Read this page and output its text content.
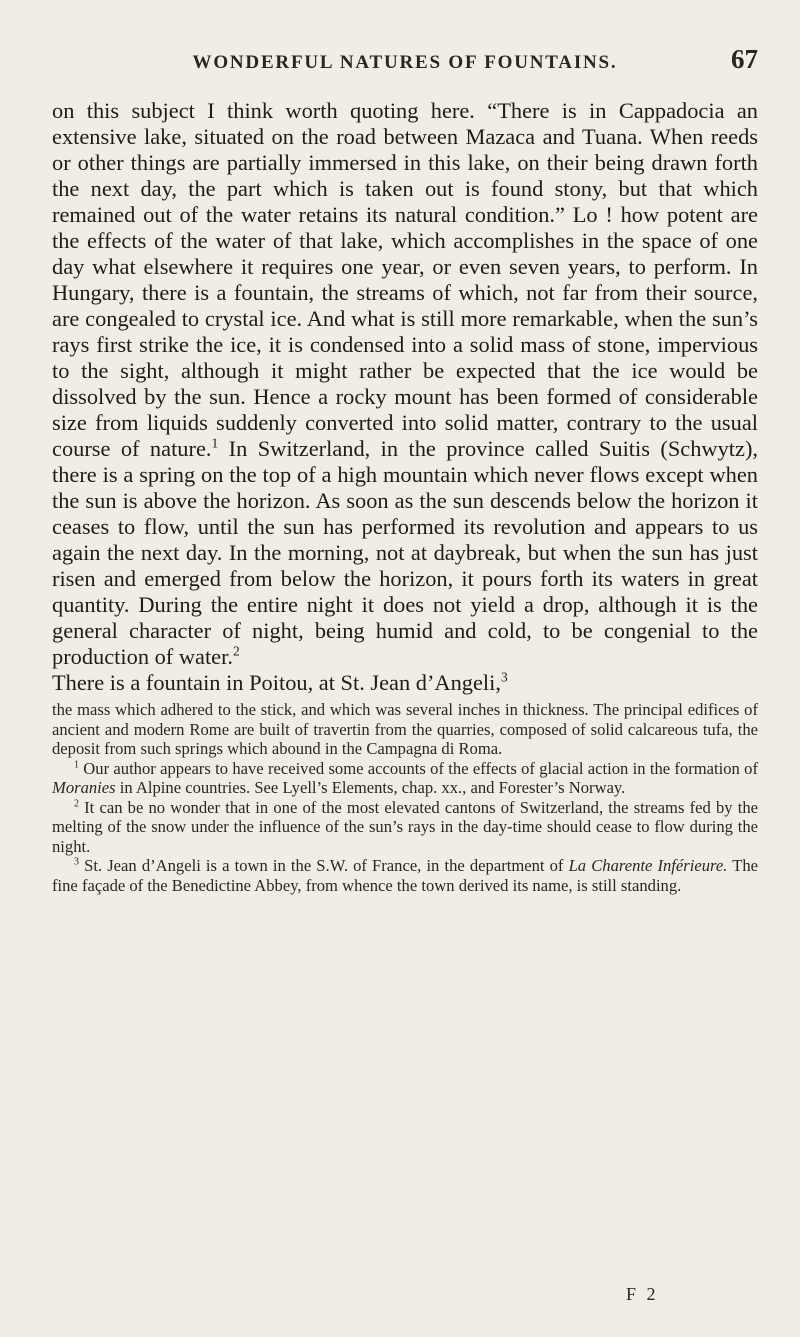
WONDERFUL NATURES OF FOUNTAINS.	67

on this subject I think worth quoting here. “There is in Cappadocia an extensive lake, situated on the road between Mazaca and Tuana. When reeds or other things are partially immersed in this lake, on their being drawn forth the next day, the part which is taken out is found stony, but that which remained out of the water retains its natural condition.” Lo ! how potent are the effects of the water of that lake, which accomplishes in the space of one day what elsewhere it requires one year, or even seven years, to perform. In Hungary, there is a fountain, the streams of which, not far from their source, are congealed to crystal ice. And what is still more remarkable, when the sun’s rays first strike the ice, it is condensed into a solid mass of stone, impervious to the sight, although it might rather be expected that the ice would be dissolved by the sun. Hence a rocky mount has been formed of considerable size from liquids suddenly converted into solid matter, contrary to the usual course of nature.$^1$ In Switzerland, in the province called Suitis (Schwytz), there is a spring on the top of a high mountain which never flows except when the sun is above the horizon. As soon as the sun descends below the horizon it ceases to flow, until the sun has performed its revolution and appears to us again the next day. In the morning, not at daybreak, but when the sun has just risen and emerged from below the horizon, it pours forth its waters in great quantity. During the entire night it does not yield a drop, although it is the general character of night, being humid and cold, to be congenial to the production of water.$^2$

There is a fountain in Poitou, at St. Jean d’Angeli,$^3$

the mass which adhered to the stick, and which was several inches in thickness. The principal edifices of ancient and modern Rome are built of travertin from the quarries, composed of solid calcareous tufa, the deposit from such springs which abound in the Campagna di Roma.

$^1$ Our author appears to have received some accounts of the effects of glacial action in the formation of Moranies in Alpine countries. See Lyell’s Elements, chap. xx., and Forester’s Norway.

$^2$ It can be no wonder that in one of the most elevated cantons of Switzerland, the streams fed by the melting of the snow under the influence of the sun’s rays in the day-time should cease to flow during the night.

$^3$ St. Jean d’Angeli is a town in the S.W. of France, in the department of La Charente Inférieure. The fine façade of the Benedictine Abbey, from whence the town derived its name, is still standing.

F 2
